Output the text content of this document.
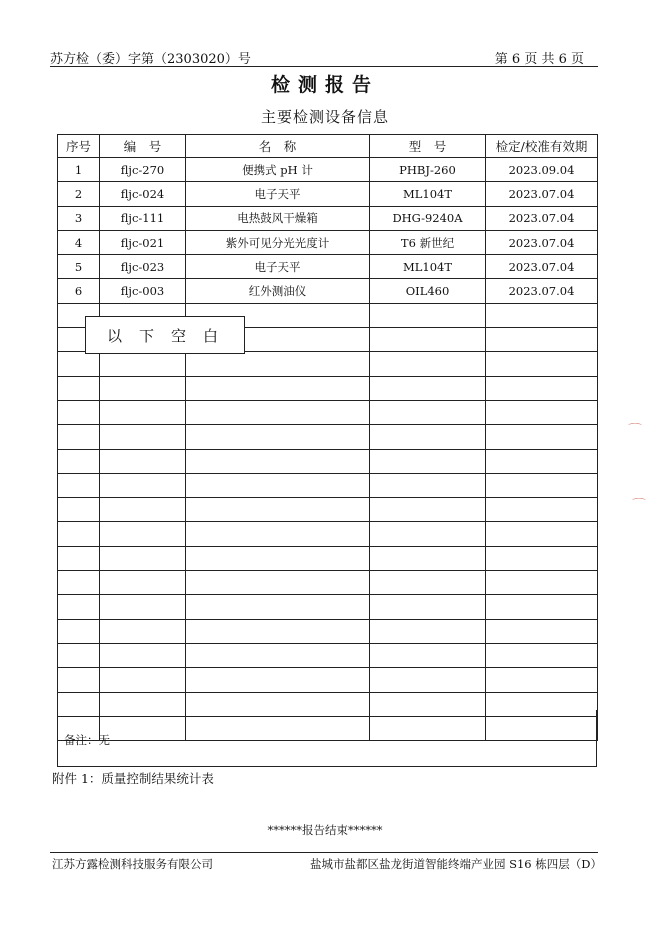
苏方检（委）字第（2303020）号	第 6 页 共 6 页
检测报告
主要检测设备信息
序号	编　号	名　称	型　号	检定/校准有效期
1	fljc-270	便携式 pH 计	PHBJ-260	2023.09.04
2	fljc-024	电子天平	ML104T	2023.07.04
3	fljc-111	电热鼓风干燥箱	DHG-9240A	2023.07.04
4	fljc-021	紫外可见分光光度计	T6 新世纪	2023.07.04
5	fljc-023	电子天平	ML104T	2023.07.04
6	fljc-003	红外测油仪	OIL460	2023.07.04

备注：无
以下空白
附件 1：质量控制结果统计表
******报告结束******
江苏方露检测科技服务有限公司	盐城市盐都区盐龙街道智能终端产业园 S16 栋四层（D）
⌒
⌒
